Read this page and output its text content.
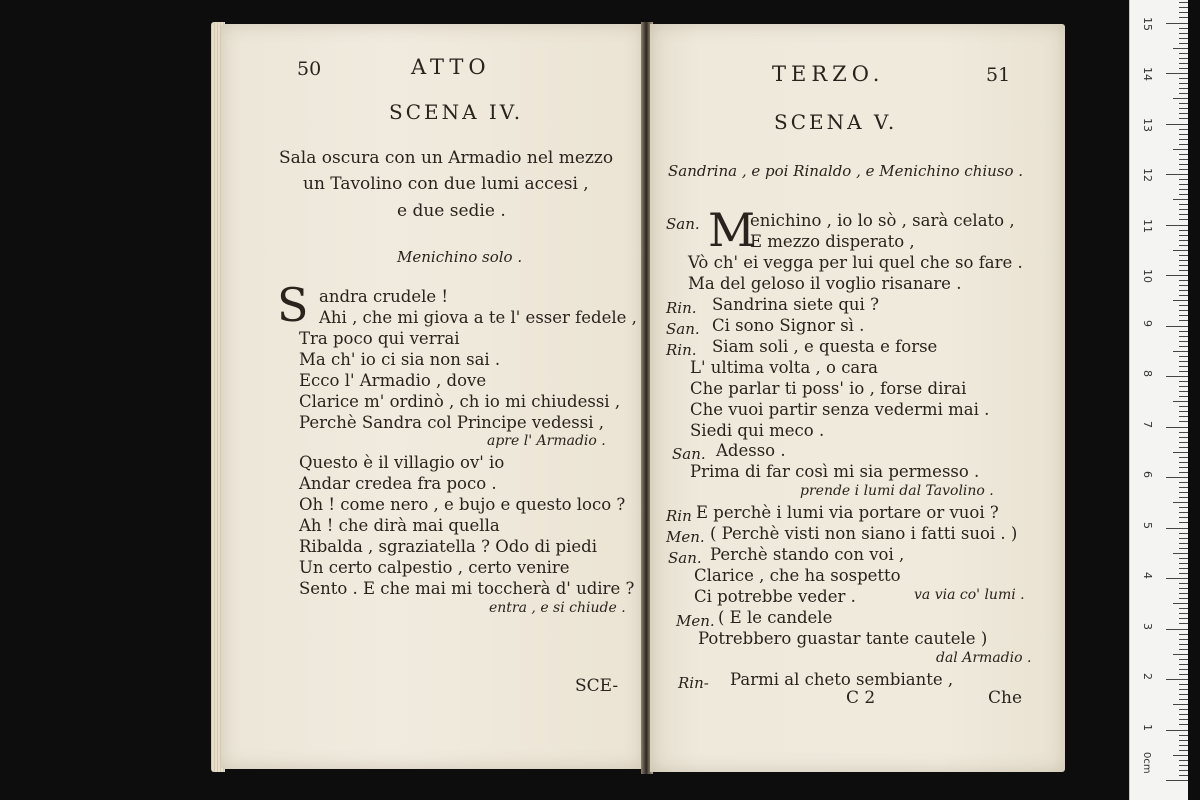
50	ATTO
SCENA IV.
Sala oscura con un Armadio nel mezzo
un Tavolino con due lumi accesi ,
e due sedie .
Menichino solo .
S andra crudele !
Ahi , che mi giova a te l' esser fedele ,
Tra poco qui verrai
Ma ch' io ci sia non sai .
Ecco l' Armadio , dove
Clarice m' ordinò , ch io mi chiudessi ,
Perchè Sandra col Principe vedessi ,
apre l' Armadio .
Questo è il villagio ov' io
Andar credea fra poco .
Oh ! come nero , e bujo e questo loco ?
Ah ! che dirà mai quella
Ribalda , sgraziatella ? Odo di piedi
Un certo calpestio , certo venire
Sento . E che mai mi toccherà d' udire ?
entra , e si chiude .
SCE-
TERZO.	51
SCENA V.
Sandrina , e poi Rinaldo , e Menichino chiuso .
M
San.	enichino , io lo sò , sarà celato ,
E mezzo disperato ,
Vò ch' ei vegga per lui quel che so fare .
Ma del geloso il voglio risanare .
Rin. Sandrina siete qui ?
San. Ci sono Signor sì .
Rin. Siam soli , e questa e forse
L' ultima volta , o cara
Che parlar ti poss' io , forse dirai
Che vuoi partir senza vedermi mai .
Siedi qui meco .
San. Adesso .
Prima di far così mi sia permesso .
prende i lumi dal Tavolino .
Rin E perchè i lumi via portare or vuoi ?
Men. ( Perchè visti non siano i fatti suoi . )
San. Perchè stando con voi ,
Clarice , che ha sospetto
Ci potrebbe veder .	va via co' lumi .
Men. ( E le candele
Potrebbero guastar tante cautele )
dal Armadio .
Rin- Parmi al cheto sembiante ,
C 2	Che
0cm
1
2
3
4
5
6
7
8
9
10
11
12
13
14
15
